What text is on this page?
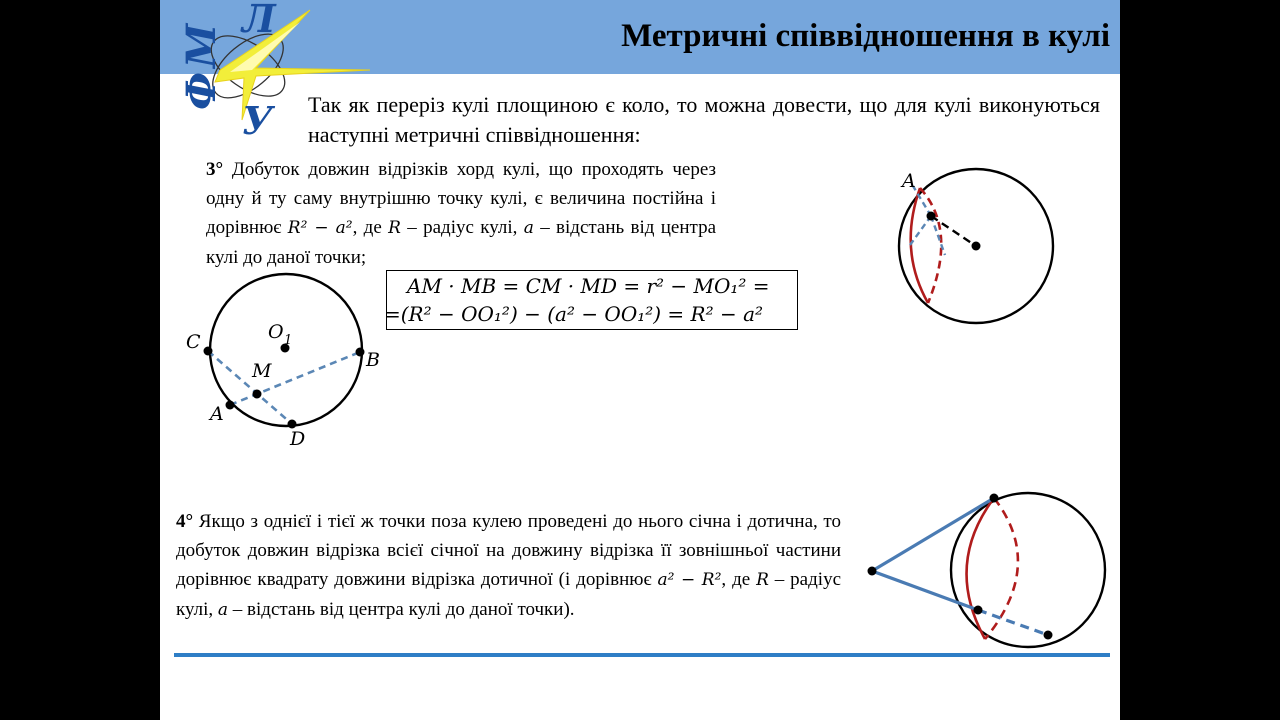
Ф
М
Л
У
Метричні співвідношення в кулі
Так як переріз кулі площиною є коло, то можна довести, що для кулі виконуються наступні метричні співвідношення:
3° Добуток довжин відрізків хорд кулі, що проходять через одну й ту саму внутрішню точку кулі, є величина постійна і дорівнює R² − a², де R – радіус кулі, a – відстань від центра кулі до даної точки;
AM · MB = CM · MD = r² − MO₁² =
=(R² − OO₁²) − (a² − OO₁²) = R² − a²
C	O 1
M	B
A
D
A
4° Якщо з однієї і тієї ж точки поза кулею проведені до нього січна і дотична, то добуток довжин відрізка всієї січної на довжину відрізка її зовнішньої частини дорівнює квадрату довжини відрізка дотичної (і дорівнює a² − R², де R – радіус кулі, a – відстань від центра кулі до даної точки).
